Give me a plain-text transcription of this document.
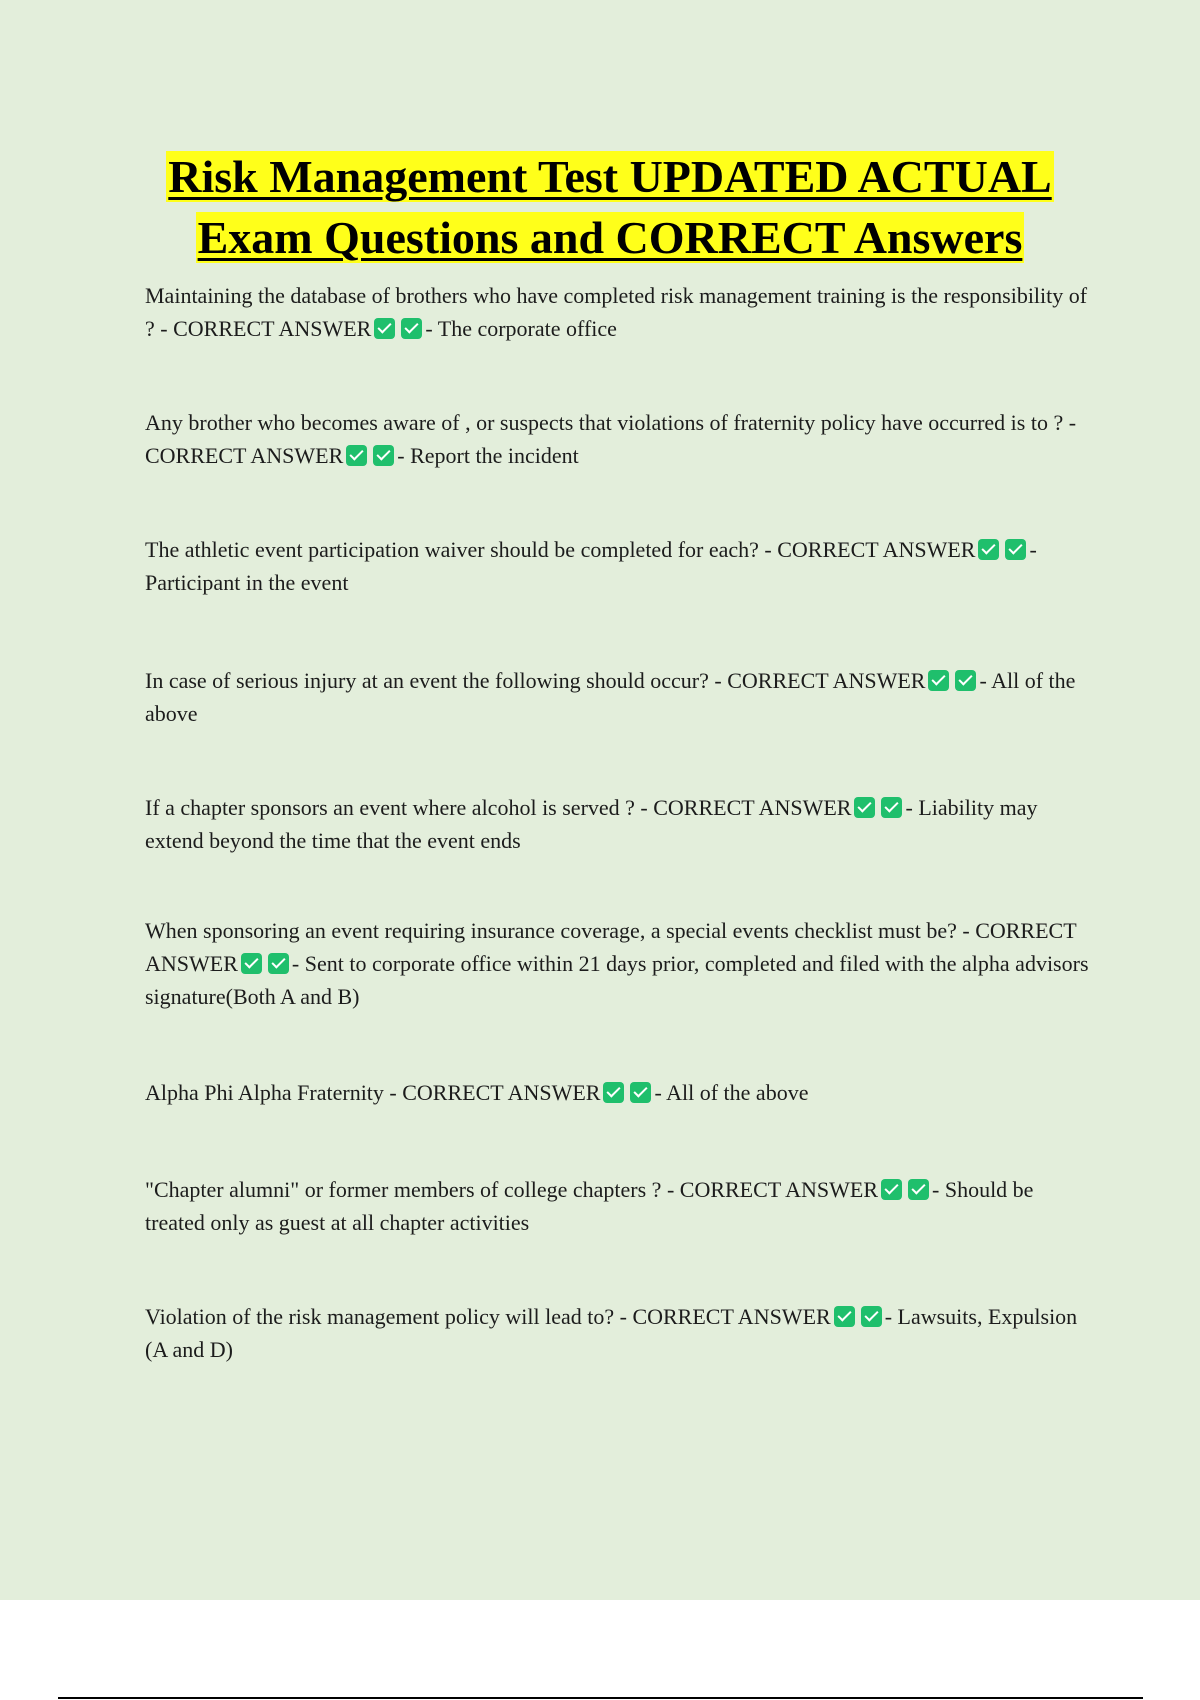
Risk Management Test UPDATED ACTUAL
Exam Questions and CORRECT Answers
Maintaining the database of brothers who have completed risk management training is the responsibility of ? - CORRECT ANSWER - The corporate office
Any brother who becomes aware of , or suspects that violations of fraternity policy have occurred is to ? - CORRECT ANSWER - Report the incident
The athletic event participation waiver should be completed for each? - CORRECT ANSWER - Participant in the event
In case of serious injury at an event the following should occur? - CORRECT ANSWER - All of the above
If a chapter sponsors an event where alcohol is served ? - CORRECT ANSWER - Liability may extend beyond the time that the event ends
When sponsoring an event requiring insurance coverage, a special events checklist must be? - CORRECT ANSWER - Sent to corporate office within 21 days prior, completed and filed with the alpha advisors signature(Both A and B)
Alpha Phi Alpha Fraternity - CORRECT ANSWER - All of the above
"Chapter alumni" or former members of college chapters ? - CORRECT ANSWER - Should be treated only as guest at all chapter activities
Violation of the risk management policy will lead to? - CORRECT ANSWER - Lawsuits, Expulsion (A and D)
